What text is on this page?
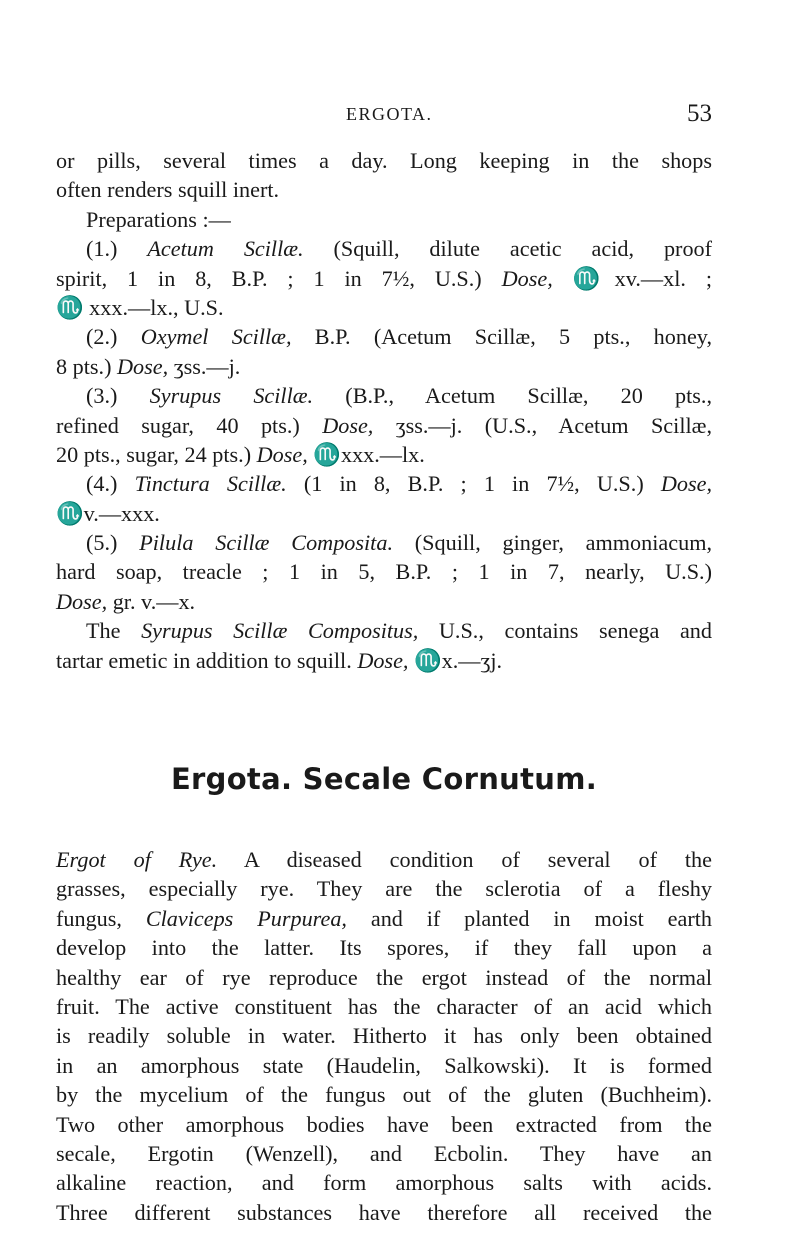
ERGOTA.	53
or pills, several times a day. Long keeping in the shops
often renders squill inert.
Preparations :—
(1.) Acetum Scillæ. (Squill, dilute acetic acid, proof
spirit, 1 in 8, B.P. ; 1 in 7½, U.S.) Dose, ♏xv.—xl. ;
♏ xxx.—lx., U.S.
(2.) Oxymel Scillæ, B.P. (Acetum Scillæ, 5 pts., honey,
8 pts.) Dose, ʒss.—j.
(3.) Syrupus Scillæ. (B.P., Acetum Scillæ, 20 pts.,
refined sugar, 40 pts.) Dose, ʒss.—j. (U.S., Acetum Scillæ,
20 pts., sugar, 24 pts.) Dose, ♏xxx.—lx.
(4.) Tinctura Scillæ. (1 in 8, B.P. ; 1 in 7½, U.S.) Dose,
♏v.—xxx.
(5.) Pilula Scillæ Composita. (Squill, ginger, ammoniacum,
hard soap, treacle ; 1 in 5, B.P. ; 1 in 7, nearly, U.S.)
Dose, gr. v.—x.
The Syrupus Scillæ Compositus, U.S., contains senega and
tartar emetic in addition to squill. Dose, ♏x.—ʒj.
Ergota. Secale Cornutum.
Ergot of Rye. A diseased condition of several of the
grasses, especially rye. They are the sclerotia of a fleshy
fungus, Claviceps Purpurea, and if planted in moist earth
develop into the latter. Its spores, if they fall upon a
healthy ear of rye reproduce the ergot instead of the normal
fruit. The active constituent has the character of an acid which
is readily soluble in water. Hitherto it has only been obtained
in an amorphous state (Haudelin, Salkowski). It is formed
by the mycelium of the fungus out of the gluten (Buchheim).
Two other amorphous bodies have been extracted from the
secale, Ergotin (Wenzell), and Ecbolin. They have an
alkaline reaction, and form amorphous salts with acids.
Three different substances have therefore all received the
